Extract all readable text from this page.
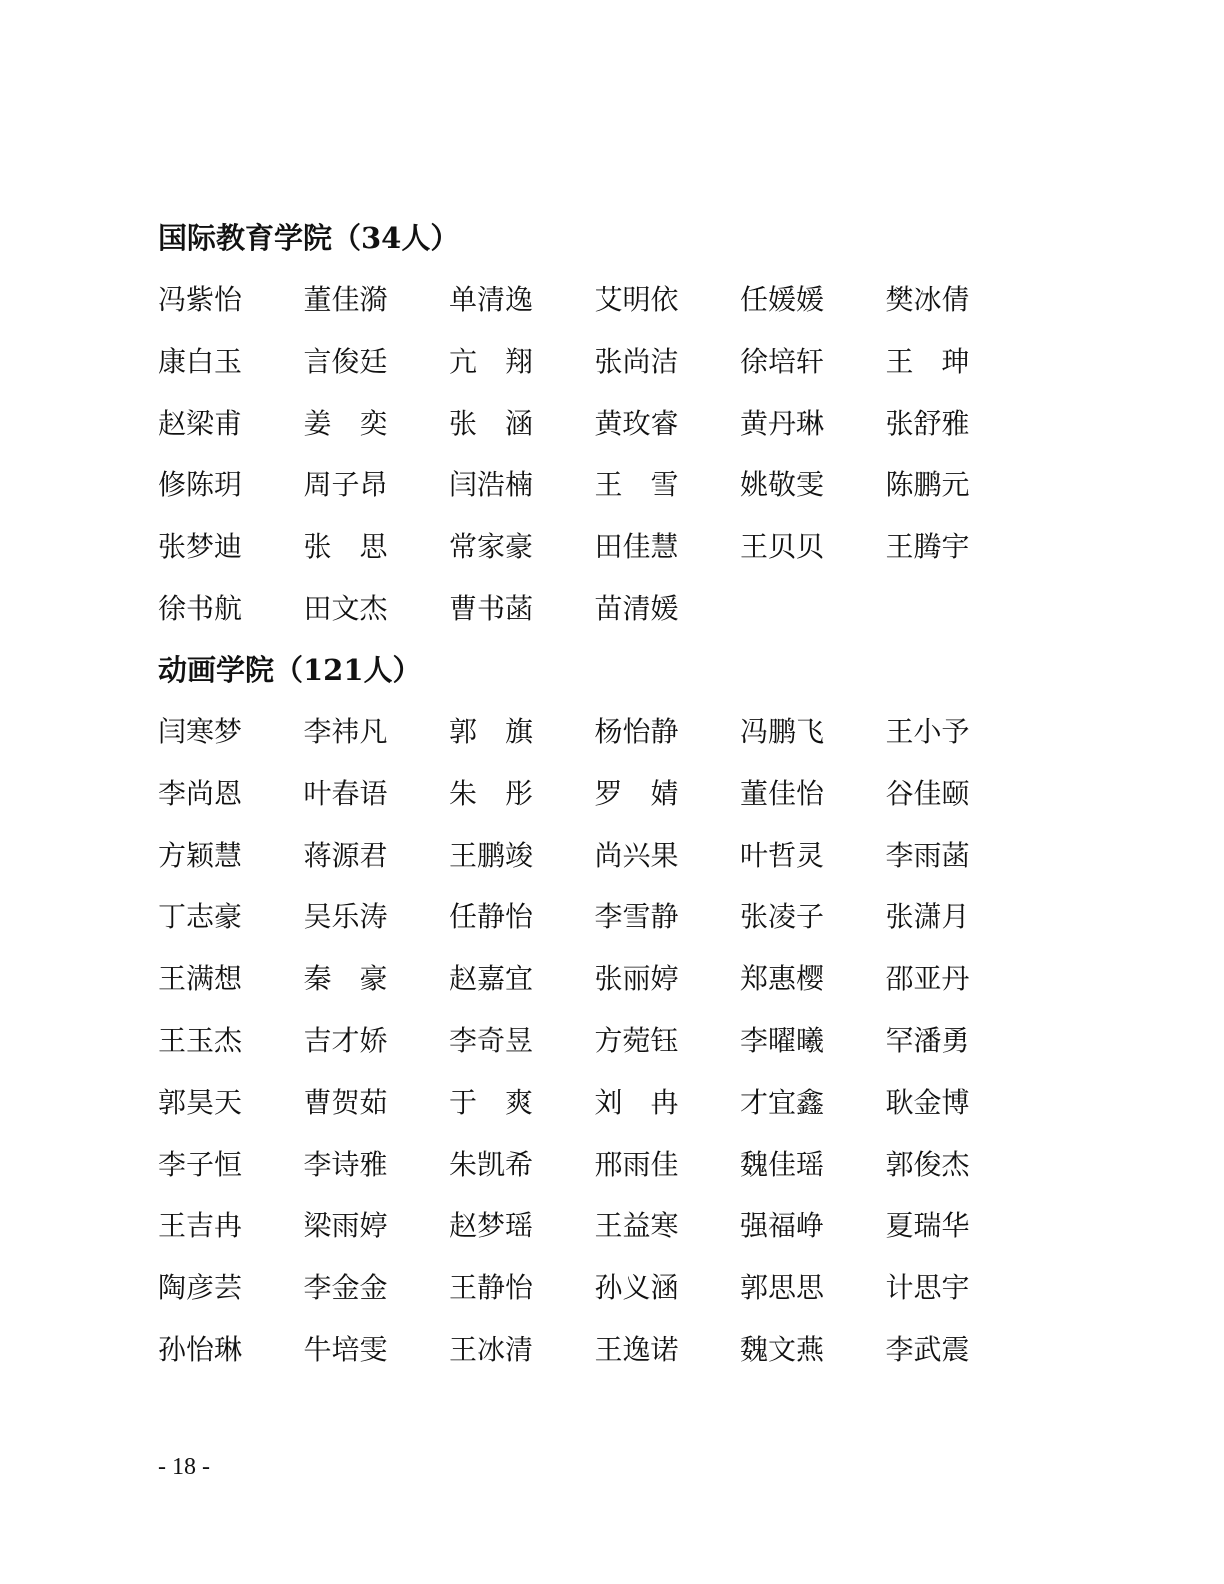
国际教育学院（34人）
冯紫怡	董佳漪	单清逸	艾明依	任媛媛	樊冰倩
康白玉	言俊廷	亢翔	张尚洁	徐培轩	王珅
赵梁甫	姜奕	张涵	黄玫睿	黄丹琳	张舒雅
修陈玥	周子昂	闫浩楠	王雪	姚敬雯	陈鹏元
张梦迪	张思	常家豪	田佳慧	王贝贝	王腾宇
徐书航	田文杰	曹书菡	苗清媛
动画学院（121人）
闫寒梦	李祎凡	郭旗	杨怡静	冯鹏飞	王小予
李尚恩	叶春语	朱彤	罗婧	董佳怡	谷佳颐
方颖慧	蒋源君	王鹏竣	尚兴果	叶哲灵	李雨菡
丁志豪	吴乐涛	任静怡	李雪静	张凌子	张潇月
王满想	秦豪	赵嘉宜	张丽婷	郑惠樱	邵亚丹
王玉杰	吉才娇	李奇昱	方菀钰	李曜曦	罕潘勇
郭昊天	曹贺茹	于爽	刘冉	才宜鑫	耿金博
李子恒	李诗雅	朱凯希	邢雨佳	魏佳瑶	郭俊杰
王吉冉	梁雨婷	赵梦瑶	王益寒	强福峥	夏瑞华
陶彦芸	李金金	王静怡	孙义涵	郭思思	计思宇
孙怡琳	牛培雯	王冰清	王逸诺	魏文燕	李武震
- 18 -
